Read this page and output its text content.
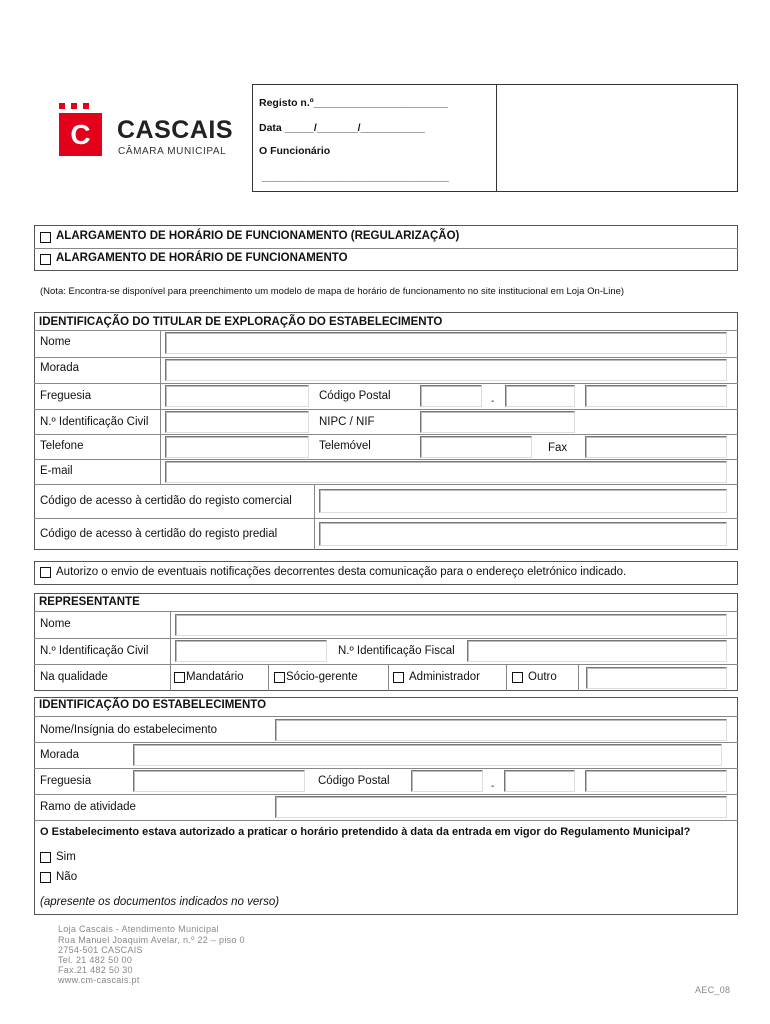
C	CASCAIS
CÂMARA MUNICIPAL
Registo n.º_______________________
Data _____/_______/___________
O Funcionário
________________________________
ALARGAMENTO DE HORÁRIO DE FUNCIONAMENTO (REGULARIZAÇÃO)
ALARGAMENTO DE HORÁRIO DE FUNCIONAMENTO
(Nota: Encontra-se disponível para preenchimento um modelo de mapa de horário de funcionamento no site institucional em Loja On-Line)
IDENTIFICAÇÃO DO TITULAR DE EXPLORAÇÃO DO ESTABELECIMENTO
Nome
Morada
Freguesia	Código Postal	-
N.º Identificação Civil	NIPC / NIF
Telefone	Telemóvel	Fax
E-mail
Código de acesso à certidão do registo comercial
Código de acesso à certidão do registo predial
Autorizo o envio de eventuais notificações decorrentes desta comunicação para o endereço eletrónico indicado.
REPRESENTANTE
Nome
N.º Identificação Civil	N.º Identificação Fiscal
Na qualidade	Mandatário	Sócio-gerente	Administrador	Outro
IDENTIFICAÇÃO DO ESTABELECIMENTO
Nome/Insígnia do estabelecimento
Morada
Freguesia	Código Postal	-
Ramo de atividade
O Estabelecimento estava autorizado a praticar o horário pretendido à data da entrada em vigor do Regulamento Municipal?
Sim
Não
(apresente os documentos indicados no verso)
Loja Cascais - Atendimento Municipal
Rua Manuel Joaquim Avelar, n.º 22 – piso 0
2754-501 CASCAIS
Tel. 21 482 50 00
Fax.21 482 50 30
www.cm-cascais.pt
AEC_08
